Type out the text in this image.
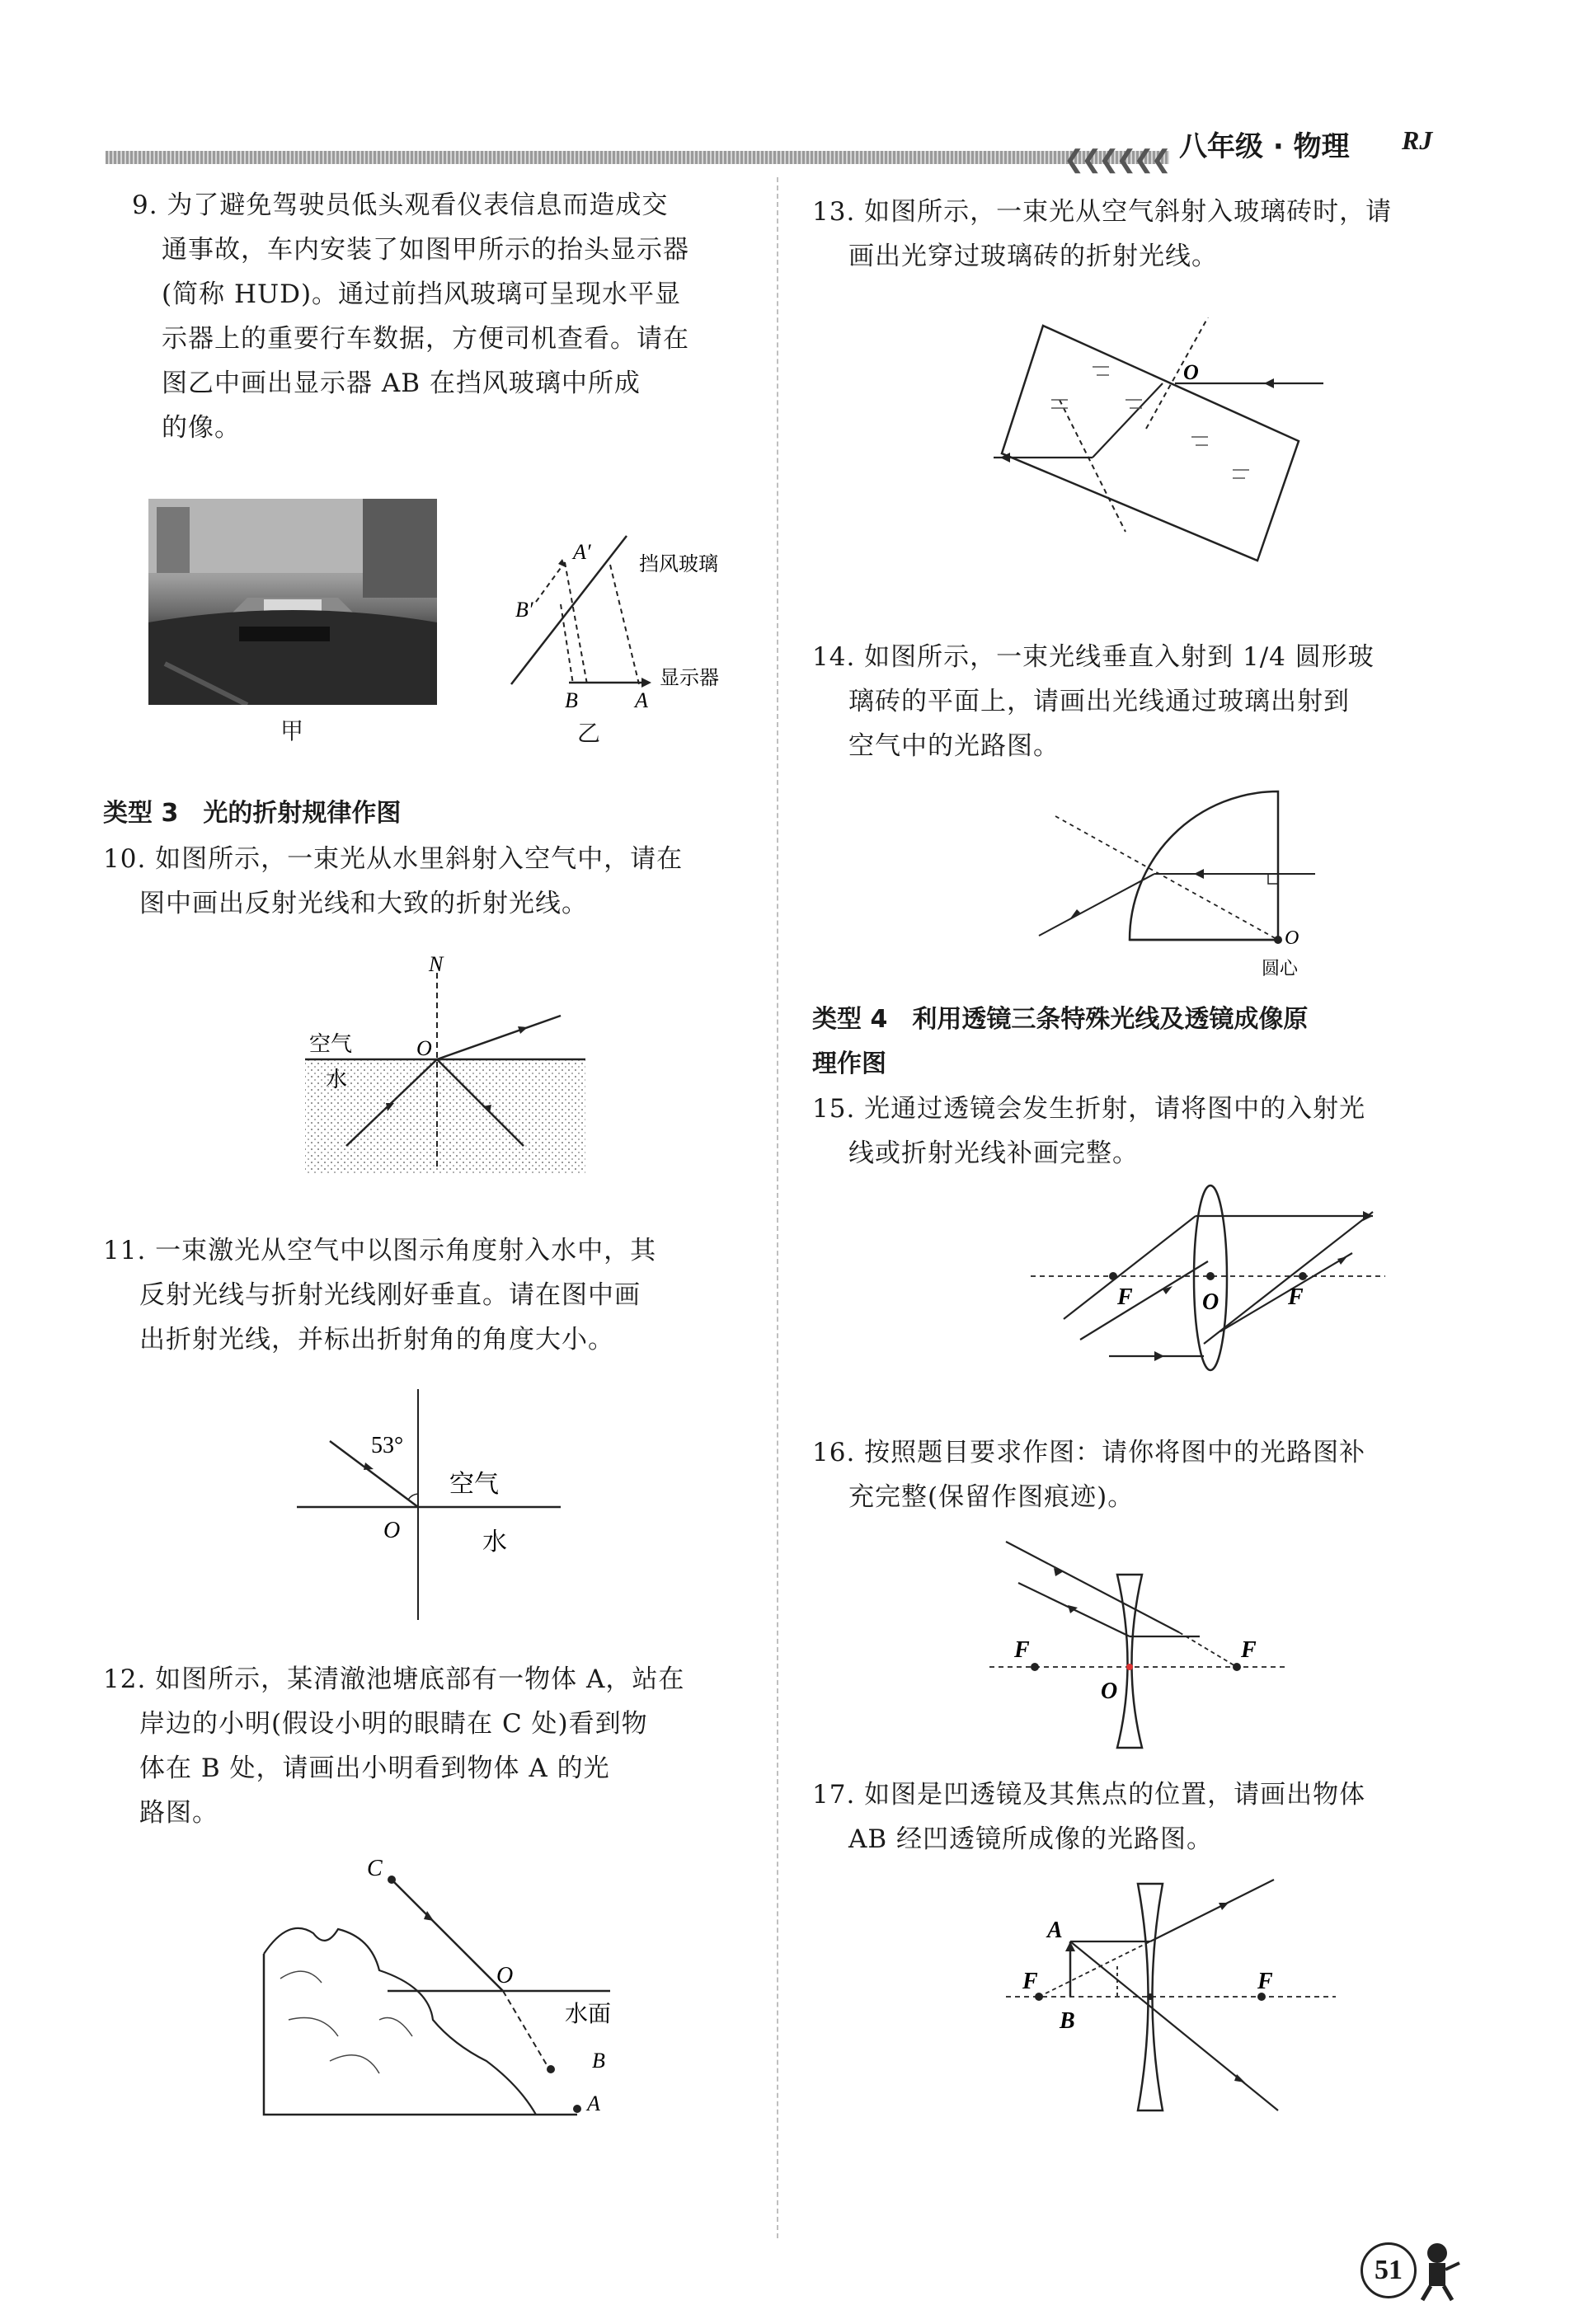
❮❮❮❮❮❮ 八年级 · 物理 RJ
9. 为了避免驾驶员低头观看仪表信息而造成交
通事故，车内安装了如图甲所示的抬头显示器
(简称 HUD)。通过前挡风玻璃可呈现水平显
示器上的重要行车数据，方便司机查看。请在
图乙中画出显示器 AB 在挡风玻璃中所成
的像。
甲
A′
B′
B	A
挡风玻璃
显示器
乙
类型 3　光的折射规律作图
10. 如图所示，一束光从水里斜射入空气中，请在
图中画出反射光线和大致的折射光线。
N
O
空气
水
11. 一束激光从空气中以图示角度射入水中，其
反射光线与折射光线刚好垂直。请在图中画
出折射光线，并标出折射角的角度大小。
53°
空气
O	水
12. 如图所示，某清澈池塘底部有一物体 A，站在
岸边的小明(假设小明的眼睛在 C 处)看到物
体在 B 处，请画出小明看到物体 A 的光
路图。
C
O
水面
B
A
13. 如图所示，一束光从空气斜射入玻璃砖时，请
画出光穿过玻璃砖的折射光线。
O
14. 如图所示，一束光线垂直入射到 1/4 圆形玻
璃砖的平面上，请画出光线通过玻璃出射到
空气中的光路图。
O
圆心
类型 4　利用透镜三条特殊光线及透镜成像原
理作图
15. 光通过透镜会发生折射，请将图中的入射光
线或折射光线补画完整。
F	O	F
16. 按照题目要求作图：请你将图中的光路图补
充完整(保留作图痕迹)。
F	F
O
17. 如图是凹透镜及其焦点的位置，请画出物体
AB 经凹透镜所成像的光路图。
A
F
B
F
51
